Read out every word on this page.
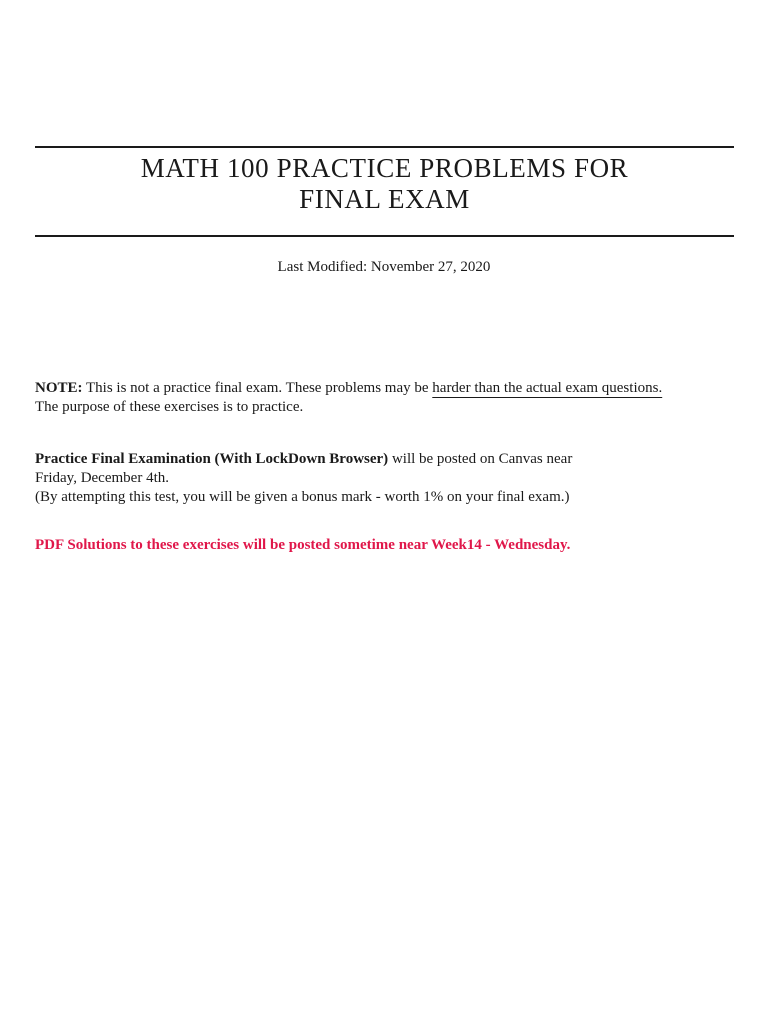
MATH 100 PRACTICE PROBLEMS FOR
FINAL EXAM
Last Modified: November 27, 2020
NOTE: This is not a practice final exam. These problems may be harder than the actual exam questions.
The purpose of these exercises is to practice.
Practice Final Examination (With LockDown Browser) will be posted on Canvas near
Friday, December 4th.
(By attempting this test, you will be given a bonus mark - worth 1% on your final exam.)
PDF Solutions to these exercises will be posted sometime near Week14 - Wednesday.
